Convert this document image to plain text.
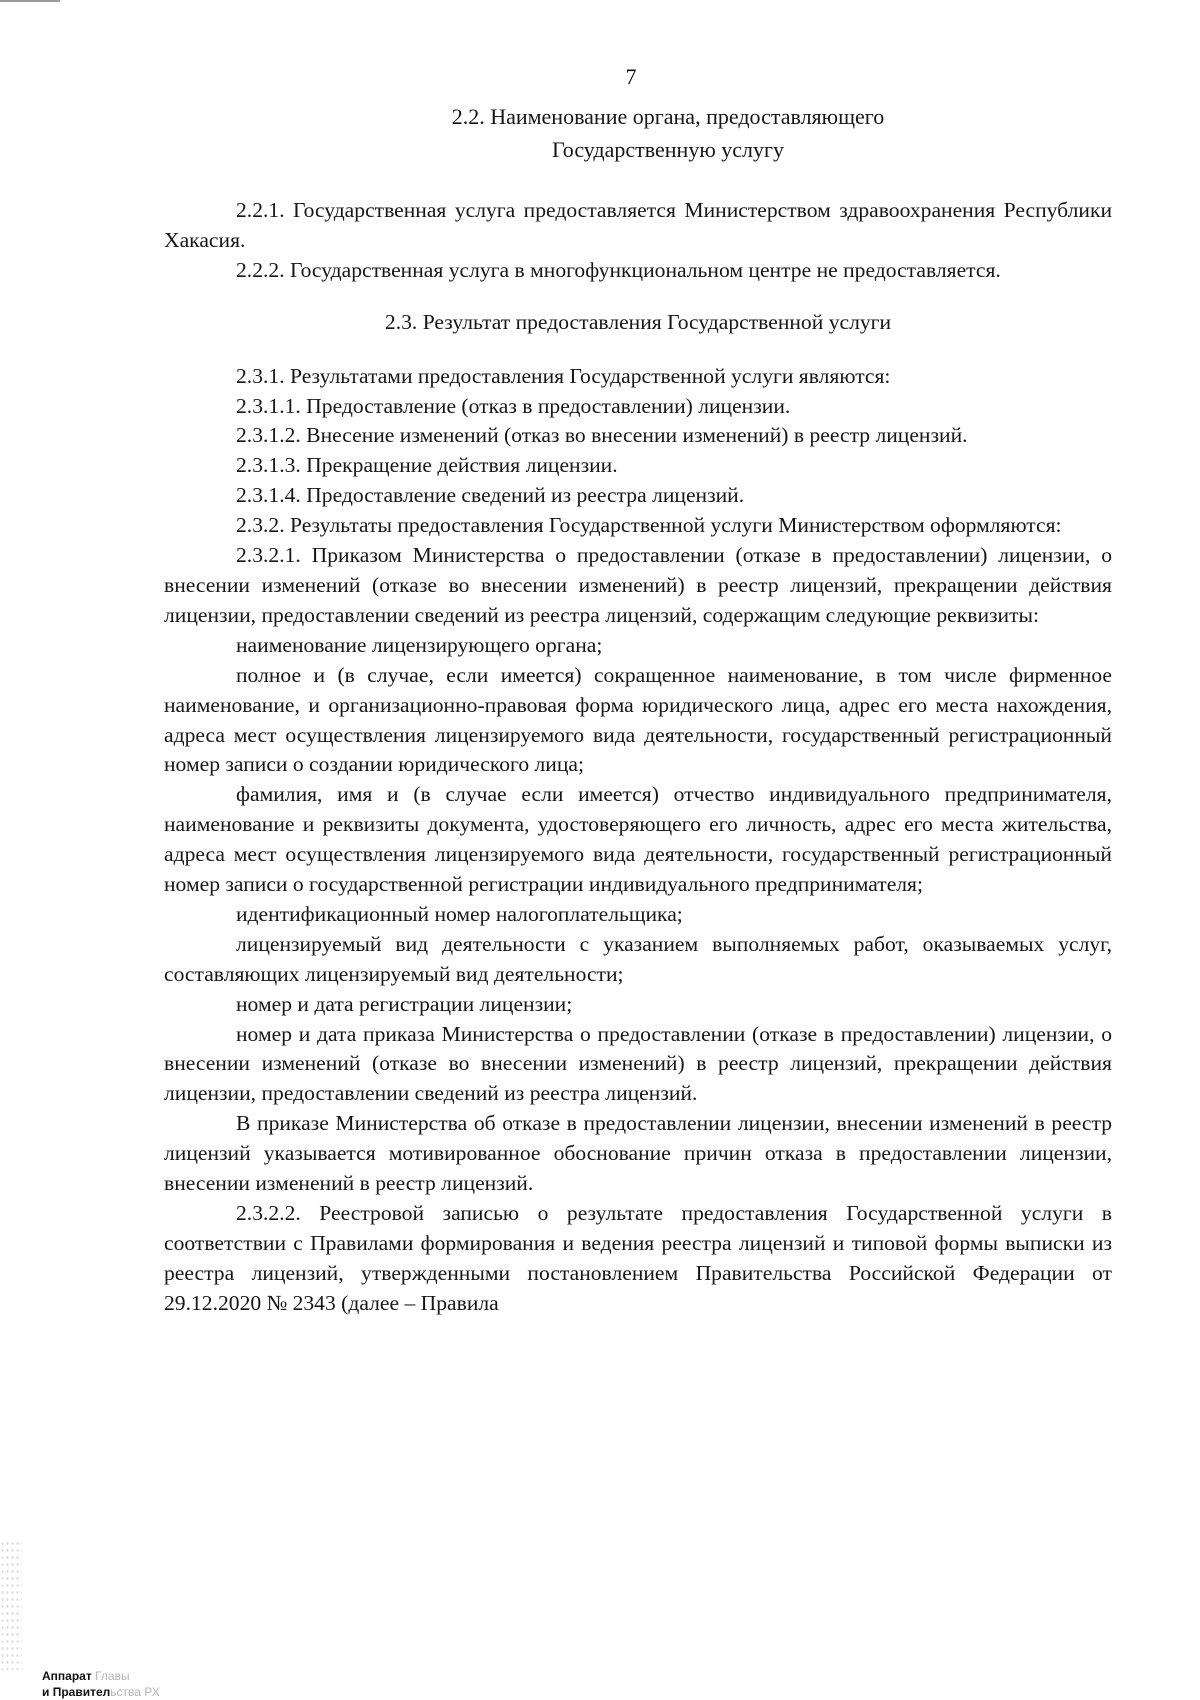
7
2.2. Наименование органа, предоставляющего
Государственную услугу

2.2.1. Государственная услуга предоставляется Министерством здравоохранения Республики Хакасия.

2.2.2. Государственная услуга в многофункциональном центре не предоставляется.

2.3. Результат предоставления Государственной услуги

2.3.1. Результатами предоставления Государственной услуги являются:

2.3.1.1. Предоставление (отказ в предоставлении) лицензии.

2.3.1.2. Внесение изменений (отказ во внесении изменений) в реестр лицензий.

2.3.1.3. Прекращение действия лицензии.

2.3.1.4. Предоставление сведений из реестра лицензий.

2.3.2. Результаты предоставления Государственной услуги Министерством оформляются:

2.3.2.1. Приказом Министерства о предоставлении (отказе в предоставлении) лицензии, о внесении изменений (отказе во внесении изменений) в реестр лицензий, прекращении действия лицензии, предоставлении сведений из реестра лицензий, содержащим следующие реквизиты:

наименование лицензирующего органа;

полное и (в случае, если имеется) сокращенное наименование, в том числе фирменное наименование, и организационно-правовая форма юридического лица, адрес его места нахождения, адреса мест осуществления лицензируемого вида деятельности, государственный регистрационный номер записи о создании юридического лица;

фамилия, имя и (в случае если имеется) отчество индивидуального предпринимателя, наименование и реквизиты документа, удостоверяющего его личность, адрес его места жительства, адреса мест осуществления лицензируемого вида деятельности, государственный регистрационный номер записи о государственной регистрации индивидуального предпринимателя;

идентификационный номер налогоплательщика;

лицензируемый вид деятельности с указанием выполняемых работ, оказываемых услуг, составляющих лицензируемый вид деятельности;

номер и дата регистрации лицензии;

номер и дата приказа Министерства о предоставлении (отказе в предоставлении) лицензии, о внесении изменений (отказе во внесении изменений) в реестр лицензий, прекращении действия лицензии, предоставлении сведений из реестра лицензий.

В приказе Министерства об отказе в предоставлении лицензии, внесении изменений в реестр лицензий указывается мотивированное обоснование причин отказа в предоставлении лицензии, внесении изменений в реестр лицензий.

2.3.2.2. Реестровой записью о результате предоставления Государственной услуги в соответствии с Правилами формирования и ведения реестра лицензий и типовой формы выписки из реестра лицензий, утвержденными постановлением Правительства Российской Федерации от 29.12.2020 № 2343 (далее – Правила

Аппарат Главы
и Правительства РХ
